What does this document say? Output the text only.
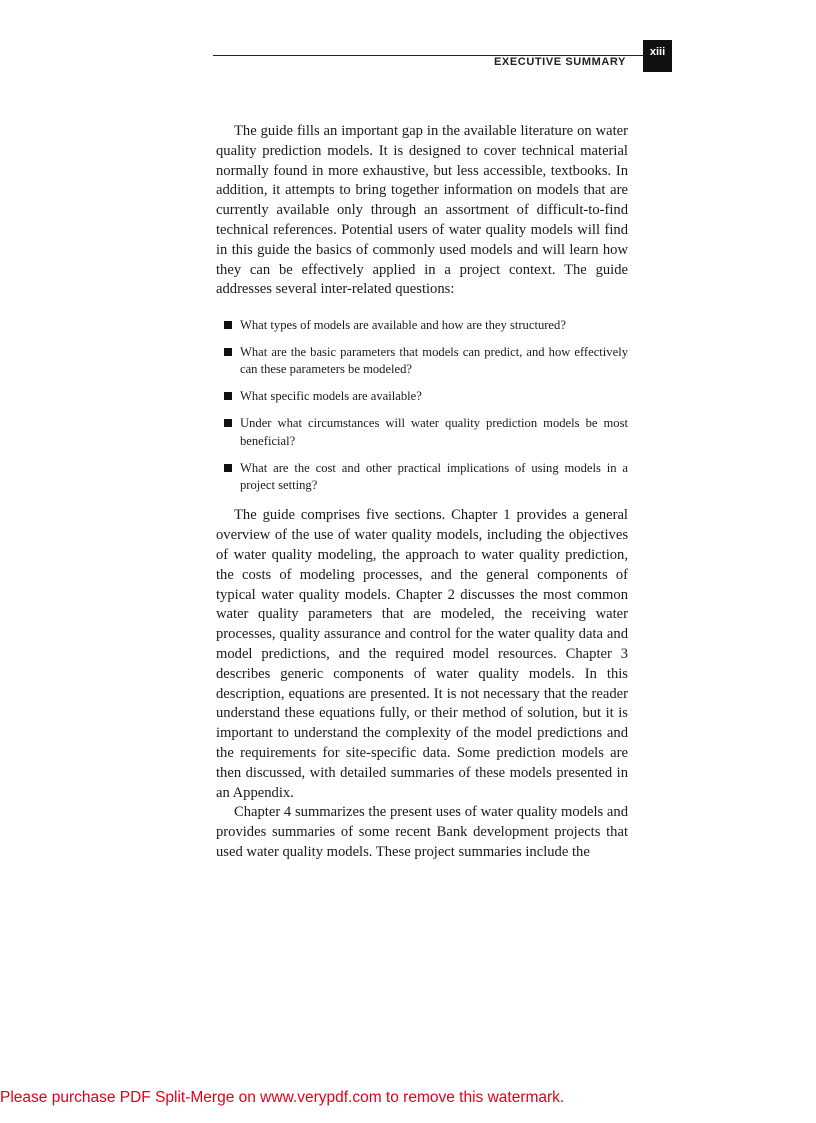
EXECUTIVE SUMMARY
xiii

The guide fills an important gap in the available literature on water quality prediction models. It is designed to cover technical material normally found in more exhaustive, but less accessible, textbooks. In addition, it attempts to bring together information on models that are currently available only through an assortment of difficult-to-find technical references. Potential users of water quality models will find in this guide the basics of commonly used models and will learn how they can be effectively applied in a project context. The guide addresses several inter-related questions:

What types of models are available and how are they structured?
What are the basic parameters that models can predict, and how effectively can these parameters be modeled?
What specific models are available?
Under what circumstances will water quality prediction models be most beneficial?
What are the cost and other practical implications of using models in a project setting?

The guide comprises five sections. Chapter 1 provides a general overview of the use of water quality models, including the objectives of water quality modeling, the approach to water quality prediction, the costs of modeling processes, and the general components of typical water quality models. Chapter 2 discusses the most common water quality parameters that are modeled, the receiving water processes, quality assurance and control for the water quality data and model predictions, and the required model resources. Chapter 3 describes generic components of water quality models. In this description, equations are presented. It is not necessary that the reader understand these equations fully, or their method of solution, but it is important to understand the complexity of the model predictions and the requirements for site-specific data. Some prediction models are then discussed, with detailed summaries of these models presented in an Appendix.

Chapter 4 summarizes the present uses of water quality models and provides summaries of some recent Bank development projects that used water quality models. These project summaries include the

Please purchase PDF Split-Merge on www.verypdf.com to remove this watermark.
